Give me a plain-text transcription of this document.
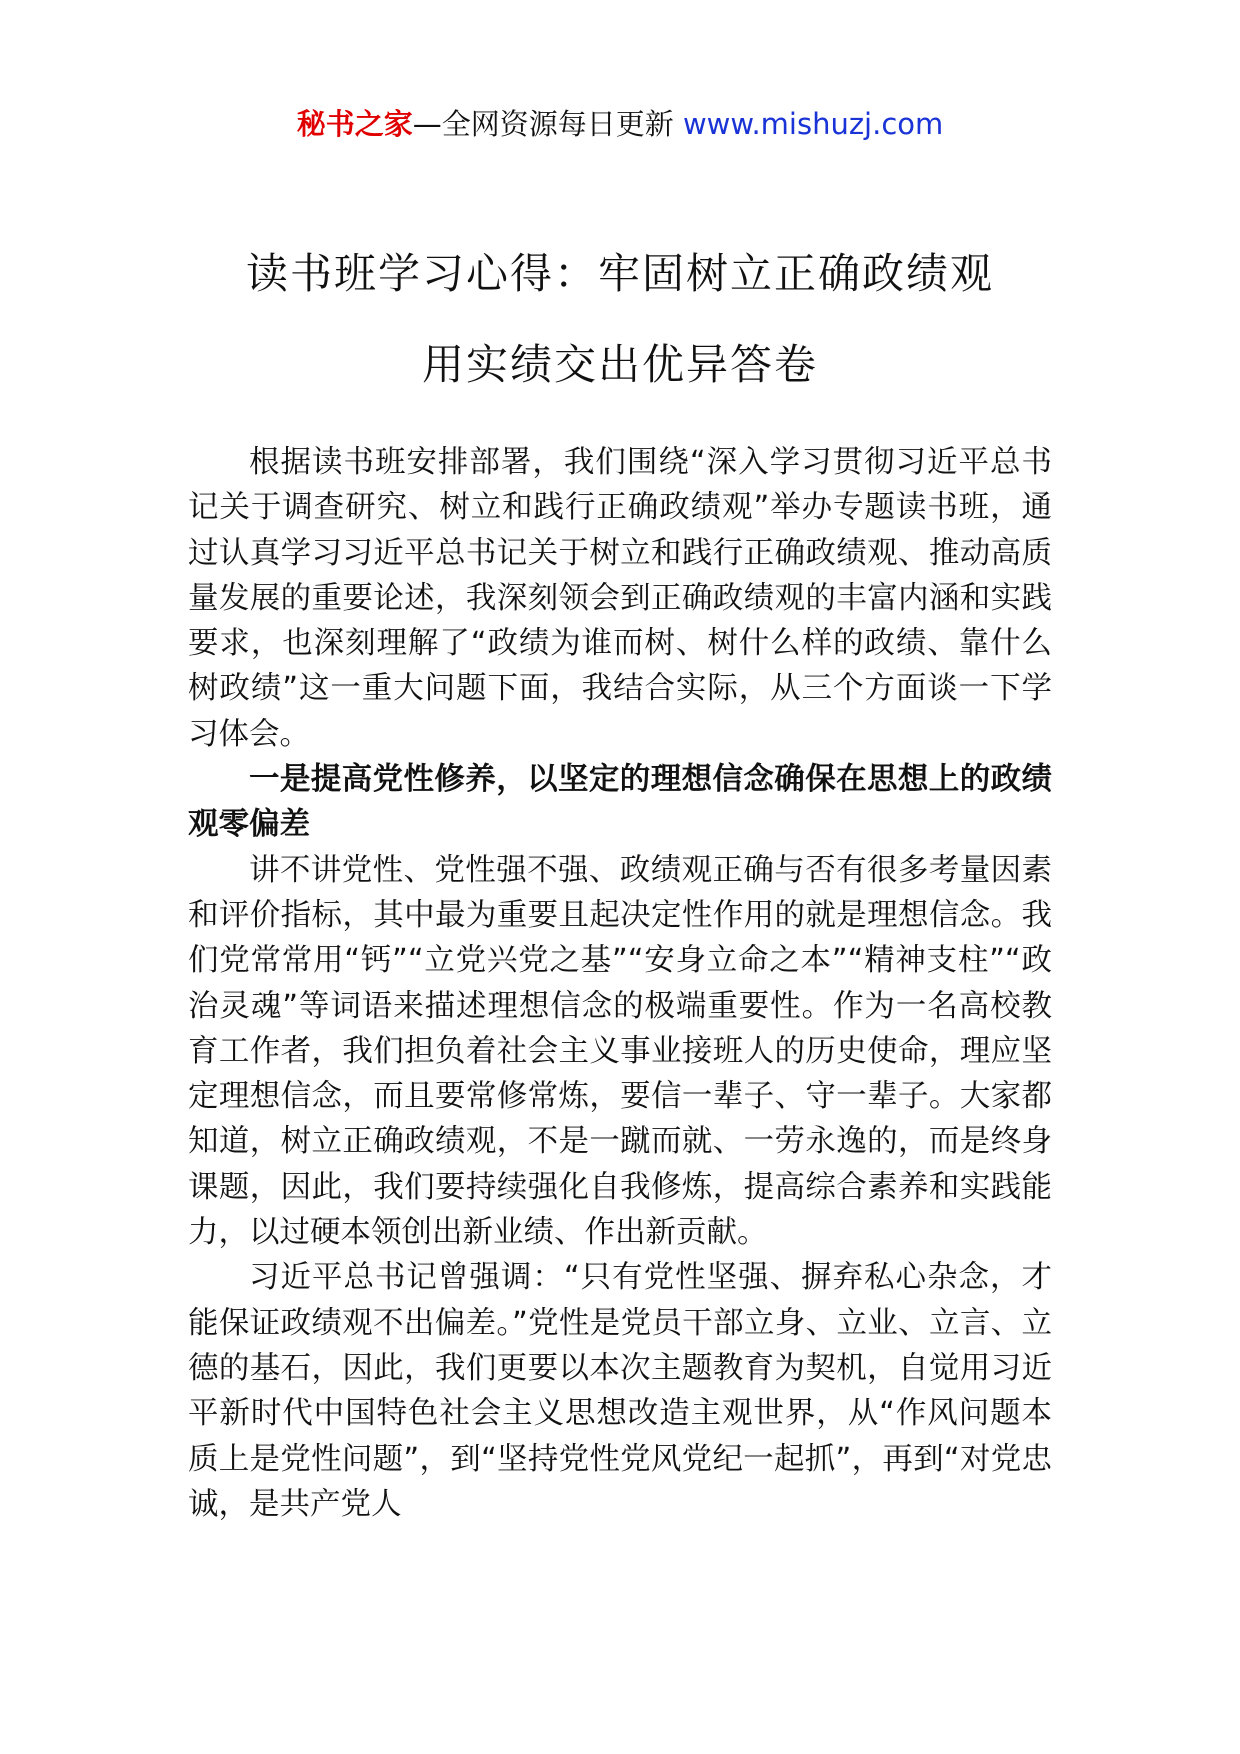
秘书之家—全网资源每日更新 www.mishuzj.com
读书班学习心得：牢固树立正确政绩观
用实绩交出优异答卷

根据读书班安排部署，我们围绕“深入学习贯彻习近平总书记关于调查研究、树立和践行正确政绩观”举办专题读书班，通过认真学习习近平总书记关于树立和践行正确政绩观、推动高质量发展的重要论述，我深刻领会到正确政绩观的丰富内涵和实践要求，也深刻理解了“政绩为谁而树、树什么样的政绩、靠什么树政绩”这一重大问题下面，我结合实际，从三个方面谈一下学习体会。

一是提高党性修养，以坚定的理想信念确保在思想上的政绩观零偏差

讲不讲党性、党性强不强、政绩观正确与否有很多考量因素和评价指标，其中最为重要且起决定性作用的就是理想信念。我们党常常用“钙”“立党兴党之基”“安身立命之本”“精神支柱”“政治灵魂”等词语来描述理想信念的极端重要性。作为一名高校教育工作者，我们担负着社会主义事业接班人的历史使命，理应坚定理想信念，而且要常修常炼，要信一辈子、守一辈子。大家都知道，树立正确政绩观，不是一蹴而就、一劳永逸的，而是终身课题，因此，我们要持续强化自我修炼，提高综合素养和实践能力，以过硬本领创出新业绩、作出新贡献。

习近平总书记曾强调：“只有党性坚强、摒弃私心杂念，才能保证政绩观不出偏差。”党性是党员干部立身、立业、立言、立德的基石，因此，我们更要以本次主题教育为契机，自觉用习近平新时代中国特色社会主义思想改造主观世界，从“作风问题本质上是党性问题”，到“坚持党性党风党纪一起抓”，再到“对党忠诚，是共产党人
